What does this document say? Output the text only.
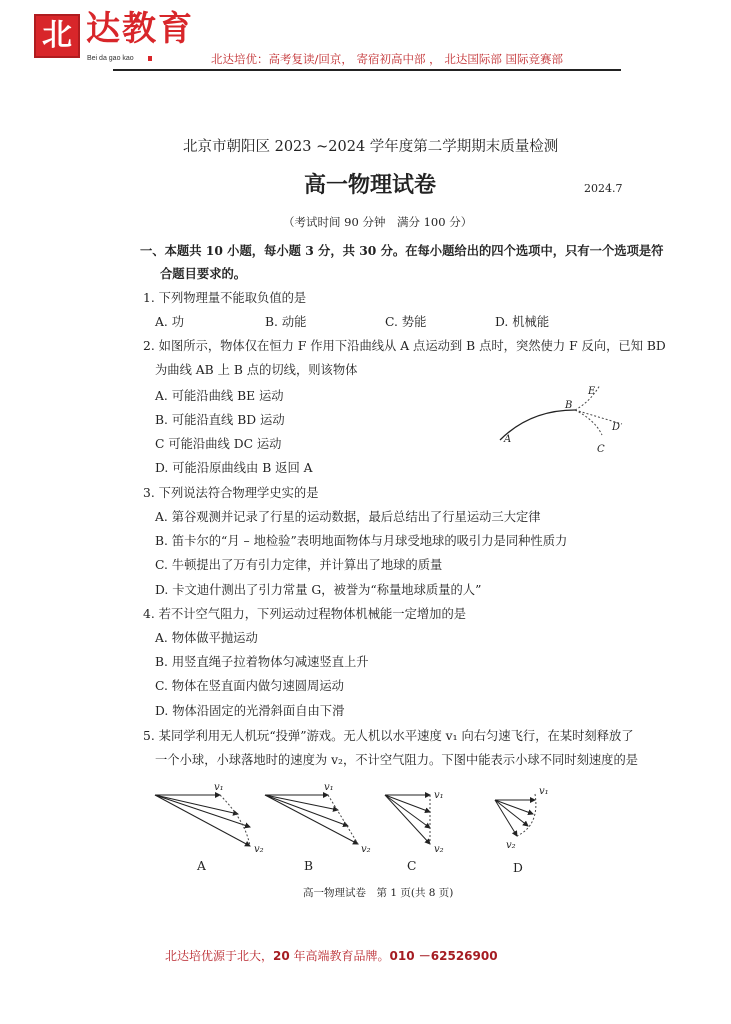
北 达教育
Bei da gao kao	北达培优：高考复读/回京， 寄宿初高中部 ， 北达国际部 国际竞赛部
北京市朝阳区 2023 ~2024 学年度第二学期期末质量检测
高一物理试卷	2024.7
（考试时间 90 分钟　满分 100 分）
一、本题共 10 小题，每小题 3 分，共 30 分。在每小题给出的四个选项中，只有一个选项是符
合题目要求的。
1. 下列物理量不能取负值的是
A. 功	B. 动能	C. 势能	D. 机械能
2. 如图所示，物体仅在恒力 F 作用下沿曲线从 A 点运动到 B 点时，突然使力 F 反向，已知 BD
为曲线 AB 上 B 点的切线，则该物体
A. 可能沿曲线 BE 运动
B. 可能沿直线 BD 运动
C 可能沿曲线 DC 运动
D. 可能沿原曲线由 B 返回 A
A
B
C
D
E
3. 下列说法符合物理学史实的是
A. 第谷观测并记录了行星的运动数据，最后总结出了行星运动三大定律
B. 笛卡尔的“月 – 地检验”表明地面物体与月球受地球的吸引力是同种性质力
C. 牛顿提出了万有引力定律，并计算出了地球的质量
D. 卡文迪什测出了引力常量 G，被誉为“称量地球质量的人”
4. 若不计空气阻力，下列运动过程物体机械能一定增加的是
A. 物体做平抛运动
B. 用竖直绳子拉着物体匀减速竖直上升
C. 物体在竖直面内做匀速圆周运动
D. 物体沿固定的光滑斜面自由下滑
5. 某同学利用无人机玩“投弹”游戏。无人机以水平速度 v₁ 向右匀速飞行，在某时刻释放了
一个小球，小球落地时的速度为 v₂，不计空气阻力。下图中能表示小球不同时刻速度的是
v₁
v₂
v₁
v₂
v₁
v₂
v₁
v₂
A	B	C	D
高一物理试卷　第 1 页(共 8 页)
北达培优源于北大，20 年高端教育品牌。010 －62526900
